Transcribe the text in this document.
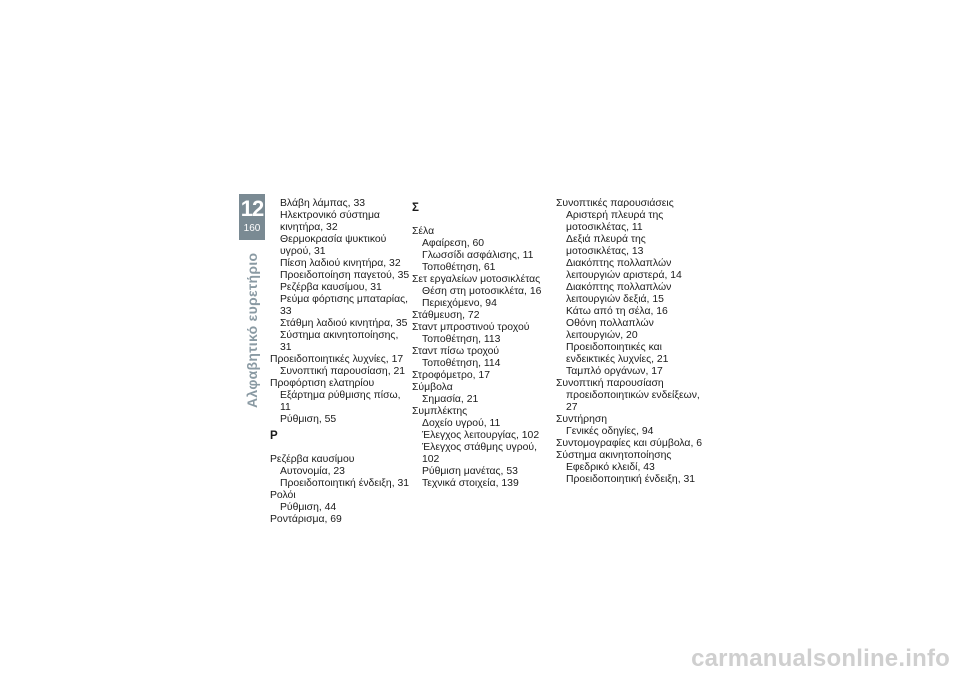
12
160
Αλφαβητικό ευρετήριο

Βλάβη λάμπας, 33

Ηλεκτρονικό σύστημα

κινητήρα, 32

Θερμοκρασία ψυκτικού

υγρού, 31

Πίεση λαδιού κινητήρα, 32

Προειδοποίηση παγετού, 35

Ρεζέρβα καυσίμου, 31

Ρεύμα φόρτισης μπαταρίας, 33

Στάθμη λαδιού κινητήρα, 35

Σύστημα ακινητοποίησης, 31

Προειδοποιητικές λυχνίες, 17

Συνοπτική παρουσίαση, 21

Προφόρτιση ελατηρίου

Εξάρτημα ρύθμισης πίσω, 11

Ρύθμιση, 55

Ρ

Ρεζέρβα καυσίμου

Αυτονομία, 23

Προειδοποιητική ένδειξη, 31

Ρολόι

Ρύθμιση, 44

Ροντάρισμα, 69

Σ

Σέλα

Αφαίρεση, 60

Γλωσσίδι ασφάλισης, 11

Τοποθέτηση, 61

Σετ εργαλείων μοτοσικλέτας

Θέση στη μοτοσικλέτα, 16

Περιεχόμενο, 94

Στάθμευση, 72

Σταντ μπροστινού τροχού

Τοποθέτηση, 113

Σταντ πίσω τροχού

Τοποθέτηση, 114

Στροφόμετρο, 17

Σύμβολα

Σημασία, 21

Συμπλέκτης

Δοχείο υγρού, 11

Έλεγχος λειτουργίας, 102

Έλεγχος στάθμης υγρού, 102

Ρύθμιση μανέτας, 53

Τεχνικά στοιχεία, 139

Συνοπτικές παρουσιάσεις

Αριστερή πλευρά της

μοτοσικλέτας, 11

Δεξιά πλευρά της

μοτοσικλέτας, 13

Διακόπτης πολλαπλών

λειτουργιών αριστερά, 14

Διακόπτης πολλαπλών

λειτουργιών δεξιά, 15

Κάτω από τη σέλα, 16

Οθόνη πολλαπλών

λειτουργιών, 20

Προειδοποιητικές και

ενδεικτικές λυχνίες, 21

Ταμπλό οργάνων, 17

Συνοπτική παρουσίαση

προειδοποιητικών ενδείξεων, 27

Συντήρηση

Γενικές οδηγίες, 94

Συντομογραφίες και σύμβολα, 6

Σύστημα ακινητοποίησης

Εφεδρικό κλειδί, 43

Προειδοποιητική ένδειξη, 31

carmanualsonline.info
